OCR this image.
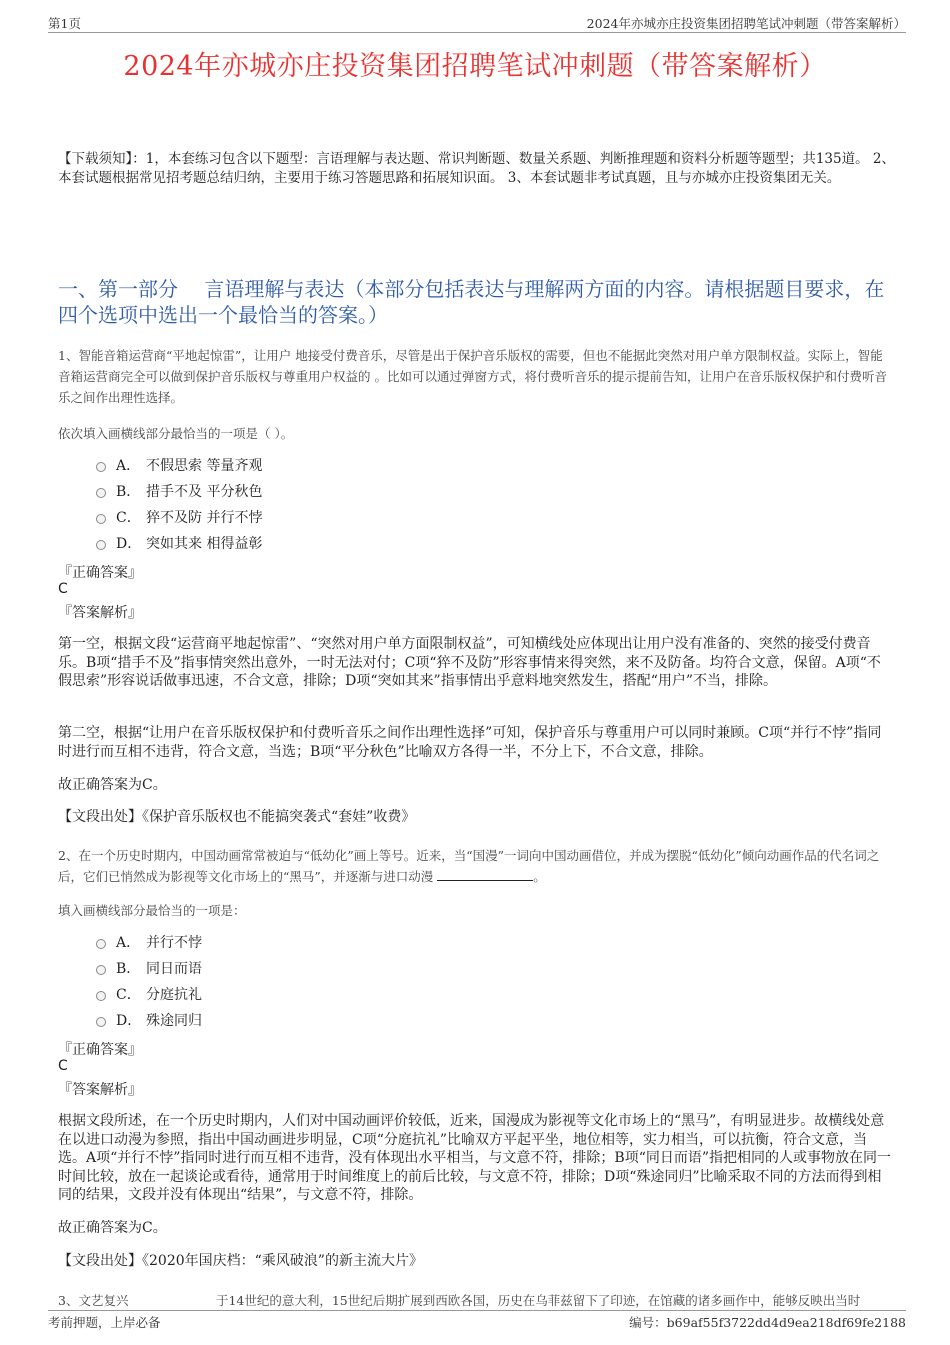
第1页	2024年亦城亦庄投资集团招聘笔试冲刺题（带答案解析）
2024年亦城亦庄投资集团招聘笔试冲刺题（带答案解析）
【下载须知】：1，本套练习包含以下题型：言语理解与表达题、常识判断题、数量关系题、判断推理题和资料分析题等题型；共135道。 2、本套试题根据常见招考题总结归纳，主要用于练习答题思路和拓展知识面。 3、本套试题非考试真题，且与亦城亦庄投资集团无关。
一、第一部分　 言语理解与表达（本部分包括表达与理解两方面的内容。请根据题目要求，在四个选项中选出一个最恰当的答案。）
1、智能音箱运营商“平地起惊雷”，让用户 地接受付费音乐，尽管是出于保护音乐版权的需要，但也不能据此突然对用户单方限制权益。实际上，智能音箱运营商完全可以做到保护音乐版权与尊重用户权益的 。比如可以通过弹窗方式，将付费听音乐的提示提前告知，让用户在音乐版权保护和付费听音乐之间作出理性选择。
依次填入画横线部分最恰当的一项是（ ）。
A． 不假思索 等量齐观
B． 措手不及 平分秋色
C． 猝不及防 并行不悖
D． 突如其来 相得益彰
『正确答案』
C
『答案解析』
第一空，根据文段“运营商平地起惊雷”、“突然对用户单方面限制权益”，可知横线处应体现出让用户没有准备的、突然的接受付费音乐。B项“措手不及”指事情突然出意外，一时无法对付；C项“猝不及防”形容事情来得突然，来不及防备。均符合文意，保留。A项“不假思索”形容说话做事迅速，不合文意，排除；D项“突如其来”指事情出乎意料地突然发生，搭配“用户”不当，排除。
第二空，根据“让用户在音乐版权保护和付费听音乐之间作出理性选择”可知，保护音乐与尊重用户可以同时兼顾。C项“并行不悖”指同时进行而互相不违背，符合文意，当选；B项“平分秋色”比喻双方各得一半，不分上下，不合文意，排除。
故正确答案为C。
【文段出处】《保护音乐版权也不能搞突袭式“套娃”收费》
2、在一个历史时期内，中国动画常常被迫与“低幼化”画上等号。近来，当“国漫”一词向中国动画借位，并成为摆脱“低幼化”倾向动画作品的代名词之后，它们已悄然成为影视等文化市场上的“黑马”，并逐渐与进口动漫	。
填入画横线部分最恰当的一项是：
A． 并行不悖
B． 同日而语
C． 分庭抗礼
D． 殊途同归
『正确答案』
C
『答案解析』
根据文段所述，在一个历史时期内，人们对中国动画评价较低，近来，国漫成为影视等文化市场上的“黑马”，有明显进步。故横线处意在以进口动漫为参照，指出中国动画进步明显，C项“分庭抗礼”比喻双方平起平坐，地位相等，实力相当，可以抗衡，符合文意，当选。A项“并行不悖”指同时进行而互相不违背，没有体现出水平相当，与文意不符，排除；B项“同日而语”指把相同的人或事物放在同一时间比较，放在一起谈论或看待，通常用于时间维度上的前后比较，与文意不符，排除；D项“殊途同归”比喻采取不同的方法而得到相同的结果，文段并没有体现出“结果”，与文意不符，排除。
故正确答案为C。
【文段出处】《2020年国庆档：“乘风破浪”的新主流大片》
3、文艺复兴　　　　　　　于14世纪的意大利，15世纪后期扩展到西欧各国，历史在乌菲兹留下了印迹，在馆藏的诸多画作中，能够反映出当时
考前押题，上岸必备	编号：b69af55f3722dd4d9ea218df69fe2188
